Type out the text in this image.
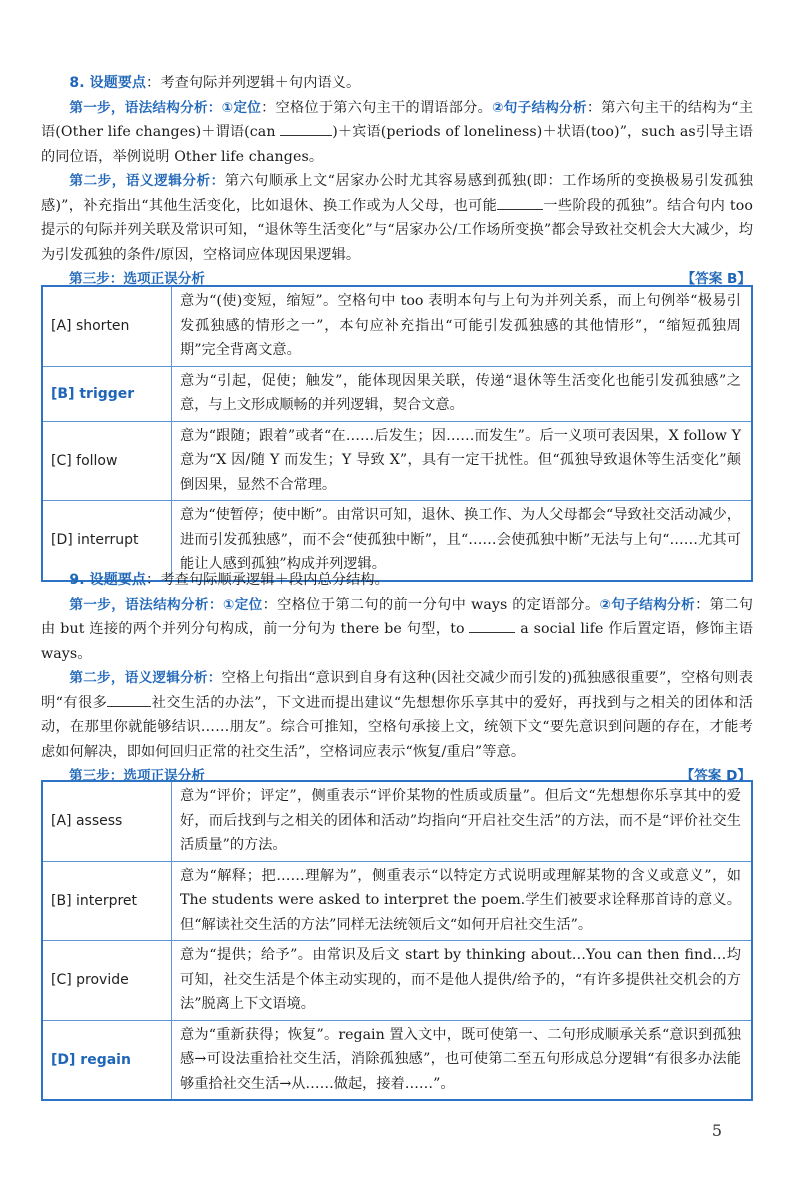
8. 设题要点：考查句际并列逻辑＋句内语义。

第一步，语法结构分析：①定位：空格位于第六句主干的谓语部分。②句子结构分析：第六句主干的结构为“主语(Other life changes)＋谓语(can	)＋宾语(periods of loneliness)＋状语(too)”，such as引导主语的同位语，举例说明 Other life changes。

第二步，语义逻辑分析：第六句顺承上文“居家办公时尤其容易感到孤独(即：工作场所的变换极易引发孤独感)”，补充指出“其他生活变化，比如退休、换工作或为人父母，也可能	一些阶段的孤独”。结合句内 too 提示的句际并列关联及常识可知，“退休等生活变化”与“居家办公/工作场所变换”都会导致社交机会大大减少，均为引发孤独的条件/原因，空格词应体现因果逻辑。

第三步：选项正误分析	【答案 B】
[A] shorten	意为“(使)变短，缩短”。空格句中 too 表明本句与上句为并列关系，而上句例举“极易引发孤独感的情形之一”，本句应补充指出“可能引发孤独感的其他情形”，“缩短孤独周期”完全背离文意。
[B] trigger	意为“引起，促使；触发”，能体现因果关联，传递“退休等生活变化也能引发孤独感”之意，与上文形成顺畅的并列逻辑，契合文意。
[C] follow	意为“跟随；跟着”或者“在……后发生；因……而发生”。后一义项可表因果，X follow Y 意为“X 因/随 Y 而发生；Y 导致 X”，具有一定干扰性。但“孤独导致退休等生活变化”颠倒因果，显然不合常理。
[D] interrupt	意为“使暂停；使中断”。由常识可知，退休、换工作、为人父母都会“导致社交活动减少，进而引发孤独感”，而不会“使孤独中断”，且“……会使孤独中断”无法与上句“……尤其可能让人感到孤独”构成并列逻辑。

9. 设题要点：考查句际顺承逻辑＋段内总分结构。

第一步，语法结构分析：①定位：空格位于第二句的前一分句中 ways 的定语部分。②句子结构分析：第二句由 but 连接的两个并列分句构成，前一分句为 there be 句型，to	a social life 作后置定语，修饰主语 ways。

第二步，语义逻辑分析：空格上句指出“意识到自身有这种(因社交减少而引发的)孤独感很重要”，空格句则表明“有很多	社交生活的办法”，下文进而提出建议“先想想你乐享其中的爱好，再找到与之相关的团体和活动，在那里你就能够结识……朋友”。综合可推知，空格句承接上文，统领下文“要先意识到问题的存在，才能考虑如何解决，即如何回归正常的社交生活”，空格词应表示“恢复/重启”等意。

第三步：选项正误分析	【答案 D】
[A] assess	意为“评价；评定”，侧重表示“评价某物的性质或质量”。但后文“先想想你乐享其中的爱好，而后找到与之相关的团体和活动”均指向“开启社交生活”的方法，而不是“评价社交生活质量”的方法。
[B] interpret	意为“解释；把……理解为”，侧重表示“以特定方式说明或理解某物的含义或意义”，如 The students were asked to interpret the poem.学生们被要求诠释那首诗的意义。但“解读社交生活的方法”同样无法统领后文“如何开启社交生活”。
[C] provide	意为“提供；给予”。由常识及后文 start by thinking about…You can then find…均可知，社交生活是个体主动实现的，而不是他人提供/给予的，“有许多提供社交机会的方法”脱离上下文语境。
[D] regain	意为“重新获得；恢复”。regain 置入文中，既可使第一、二句形成顺承关系“意识到孤独感→可设法重拾社交生活，消除孤独感”，也可使第二至五句形成总分逻辑“有很多办法能够重拾社交生活→从……做起，接着……”。
5
